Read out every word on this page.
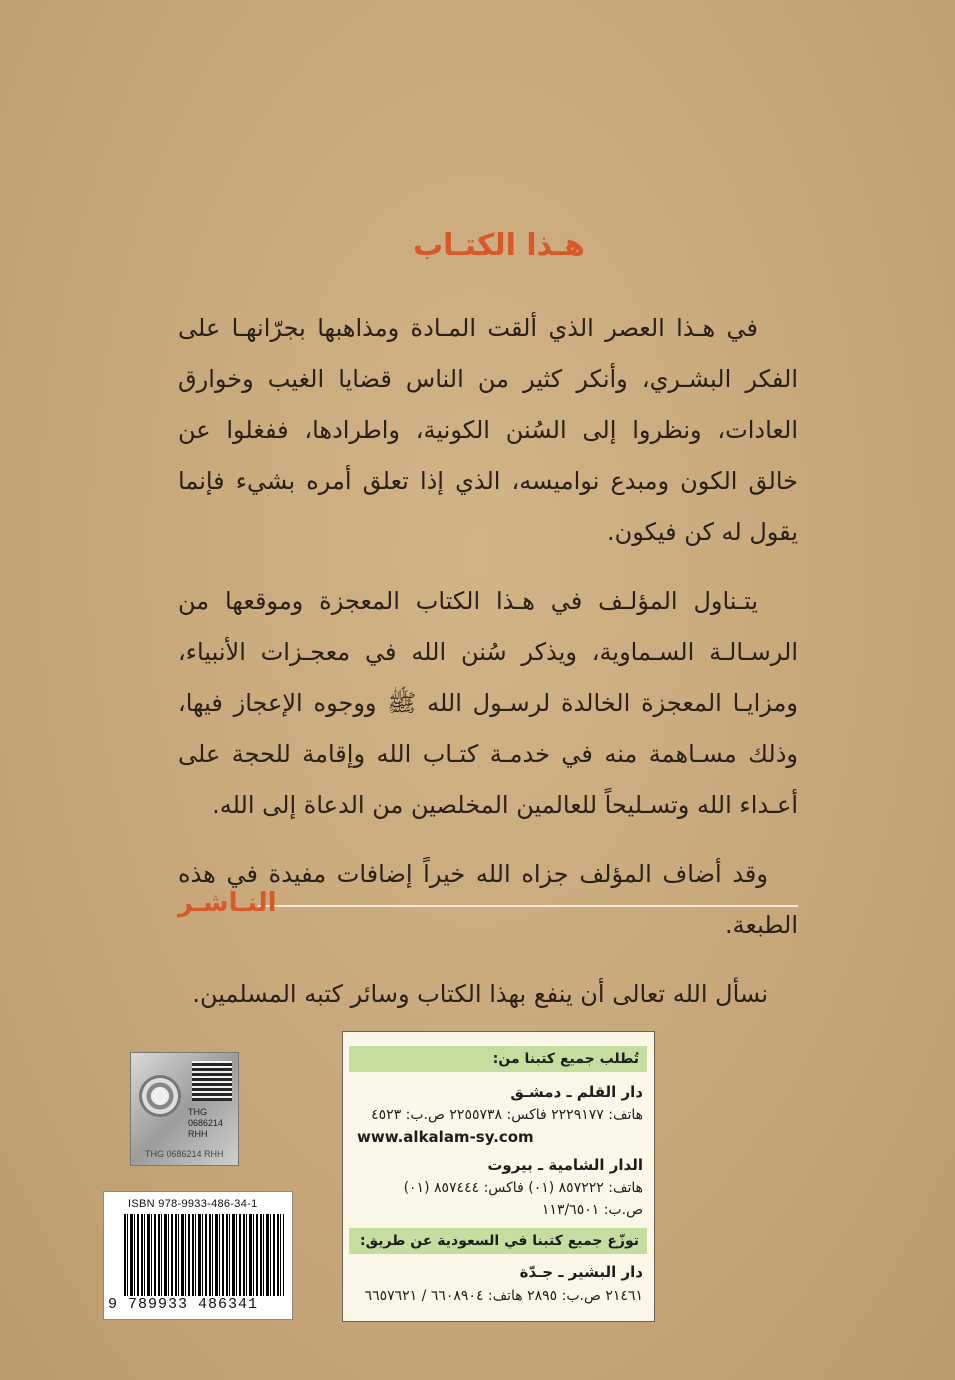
هـذا الكتـاب

في هـذا العصر الذي ألقت المـادة ومذاهبها بجرّانهـا على الفكر البشـري، وأنكر كثير من الناس قضايا الغيب وخوارق العادات، ونظروا إلى السُنن الكونية، واطرادها، ففغلوا عن خالق الكون ومبدع نواميسه، الذي إذا تعلق أمره بشيء فإنما يقول له كن فيكون.

يتـناول المؤلـف في هـذا الكتاب المعجزة وموقعها من الرسـالـة السـماوية، ويذكر سُنن الله في معجـزات الأنبياء، ومزايـا المعجزة الخالدة لرسـول الله ﷺ ووجوه الإعجاز فيها، وذلك مسـاهمة منه في خدمـة كتـاب الله وإقامة للحجة على أعـداء الله وتسـليحاً للعالمين المخلصين من الدعاة إلى الله.

وقد أضاف المؤلف جزاه الله خيراً إضافات مفيدة في هذه الطبعة.

نسأل الله تعالى أن ينفع بهذا الكتاب وسائر كتبه المسلمين.

النـاشـر
THG
0686214
RHH
THG 0686214 RHH
ISBN 978-9933-486-34-1
9 789933 486341
تُطلب جميع كتبنا من:
دار القلم ـ دمشـق
هاتف: ٢٢٢٩١٧٧ فاكس: ٢٢٥٥٧٣٨ ص.ب: ٤٥٢٣
www.alkalam-sy.com
الدار الشامية ـ بيروت
هاتف: ٨٥٧٢٢٢ (٠١) فاكس: ٨٥٧٤٤٤ (٠١)
ص.ب: ١١٣/٦٥٠١
توزّع جميع كتبنا في السعودية عن طريق:
دار البشير ـ جـدّة
٢١٤٦١ ص.ب: ٢٨٩٥ هاتف: ٦٦٠٨٩٠٤ / ٦٦٥٧٦٢١
